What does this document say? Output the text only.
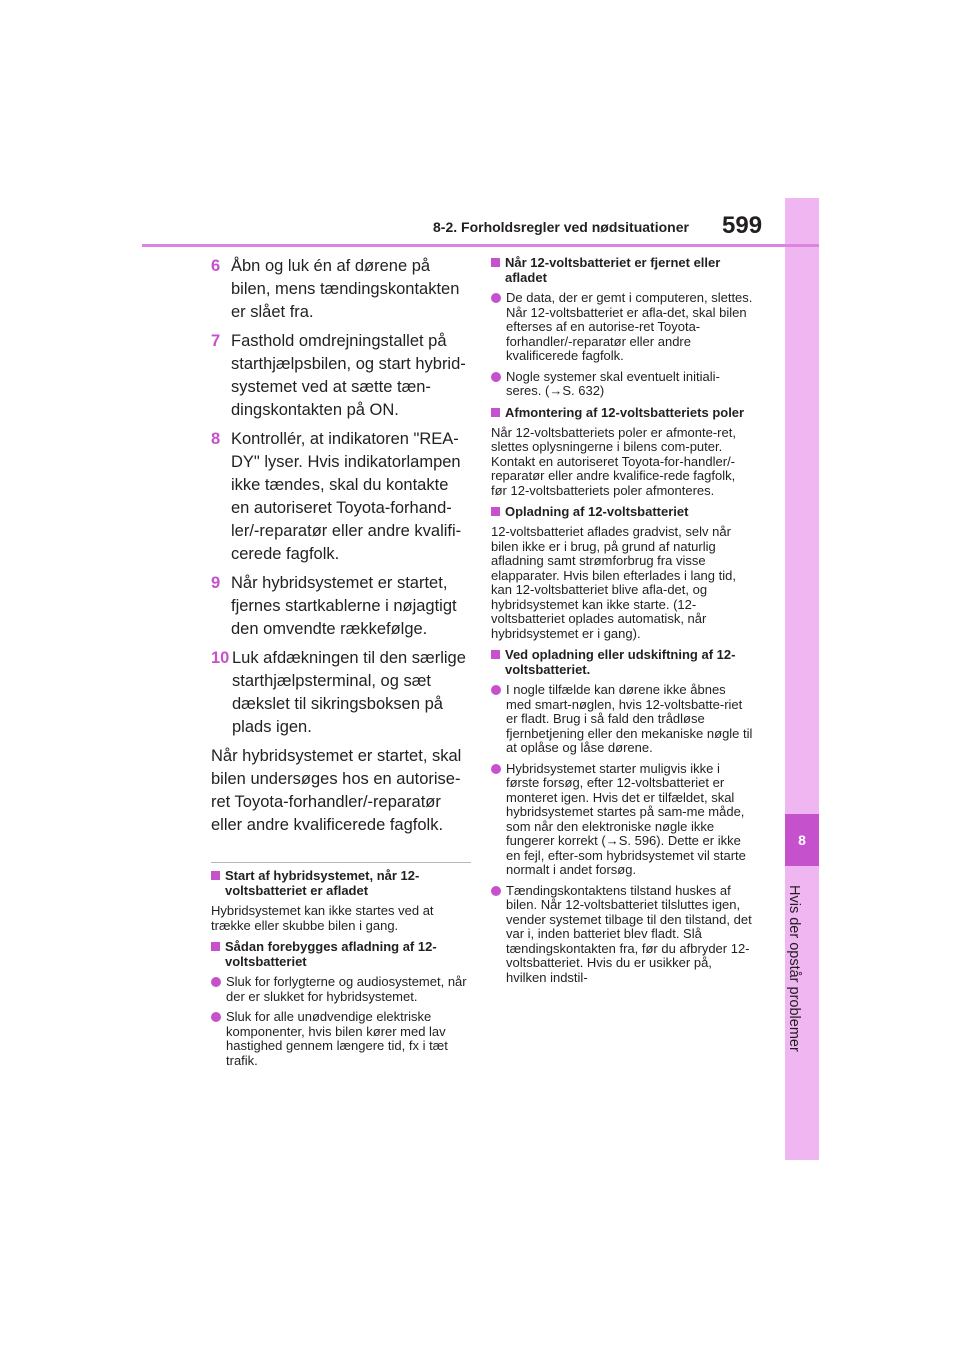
8
Hvis der opstår problemer
8-2. Forholdsregler ved nødsituationer 599
6 Åbn og luk én af dørene på bilen, mens tændingskontakten er slået fra.
7 Fasthold omdrejningstallet på starthjælpsbilen, og start hybrid-systemet ved at sætte tæn-dingskontakten på ON.
8 Kontrollér, at indikatoren "REA-DY" lyser. Hvis indikatorlampen ikke tændes, skal du kontakte en autoriseret Toyota-forhand-ler/-reparatør eller andre kvalifi-cerede fagfolk.
9 Når hybridsystemet er startet, fjernes startkablerne i nøjagtigt den omvendte rækkefølge.
10 Luk afdækningen til den særlige starthjælpsterminal, og sæt dækslet til sikringsboksen på plads igen.
Når hybridsystemet er startet, skal bilen undersøges hos en autorise-ret Toyota-forhandler/-reparatør eller andre kvalificerede fagfolk.
Start af hybridsystemet, når 12-voltsbatteriet er afladet
Hybridsystemet kan ikke startes ved at trække eller skubbe bilen i gang.
Sådan forebygges afladning af 12-voltsbatteriet
Sluk for forlygterne og audiosystemet, når der er slukket for hybridsystemet.
Sluk for alle unødvendige elektriske komponenter, hvis bilen kører med lav hastighed gennem længere tid, fx i tæt trafik.
Når 12-voltsbatteriet er fjernet eller afladet
De data, der er gemt i computeren, slettes. Når 12-voltsbatteriet er afla-det, skal bilen efterses af en autorise-ret Toyota-forhandler/-reparatør eller andre kvalificerede fagfolk.
Nogle systemer skal eventuelt initiali-seres. (→S. 632)
Afmontering af 12-voltsbatteriets poler
Når 12-voltsbatteriets poler er afmonte-ret, slettes oplysningerne i bilens com-puter. Kontakt en autoriseret Toyota-for-handler/-reparatør eller andre kvalifice-rede fagfolk, før 12-voltsbatteriets poler afmonteres.
Opladning af 12-voltsbatteriet
12-voltsbatteriet aflades gradvist, selv når bilen ikke er i brug, på grund af naturlig afladning samt strømforbrug fra visse elapparater. Hvis bilen efterlades i lang tid, kan 12-voltsbatteriet blive afla-det, og hybridsystemet kan ikke starte. (12-voltsbatteriet oplades automatisk, når hybridsystemet er i gang).
Ved opladning eller udskiftning af 12-voltsbatteriet.
I nogle tilfælde kan dørene ikke åbnes med smart-nøglen, hvis 12-voltsbatte-riet er fladt. Brug i så fald den trådløse fjernbetjening eller den mekaniske nøgle til at oplåse og låse dørene.
Hybridsystemet starter muligvis ikke i første forsøg, efter 12-voltsbatteriet er monteret igen. Hvis det er tilfældet, skal hybridsystemet startes på sam-me måde, som når den elektroniske nøgle ikke fungerer korrekt (→S. 596). Dette er ikke en fejl, efter-som hybridsystemet vil starte normalt i andet forsøg.
Tændingskontaktens tilstand huskes af bilen. Når 12-voltsbatteriet tilsluttes igen, vender systemet tilbage til den tilstand, det var i, inden batteriet blev fladt. Slå tændingskontakten fra, før du afbryder 12-voltsbatteriet. Hvis du er usikker på, hvilken indstil-
